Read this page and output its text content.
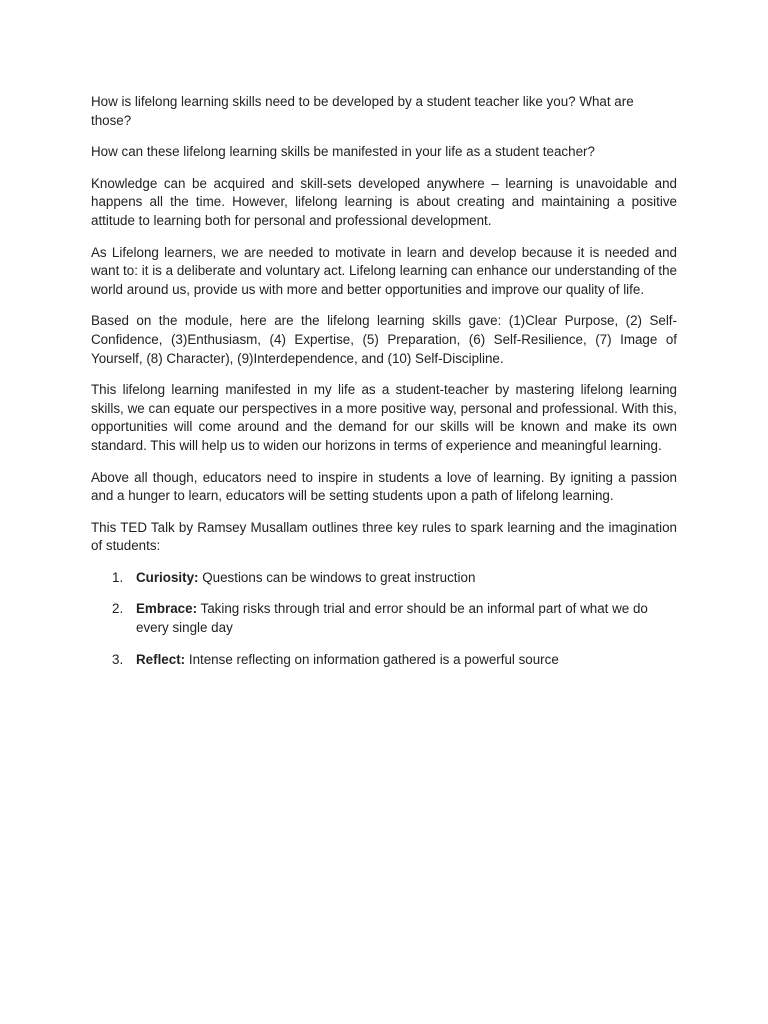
How is lifelong learning skills need to be developed by a student teacher like you? What are those?

How can these lifelong learning skills be manifested in your life as a student teacher?

Knowledge can be acquired and skill-sets developed anywhere – learning is unavoidable and happens all the time. However, lifelong learning is about creating and maintaining a positive attitude to learning both for personal and professional development.

As Lifelong learners, we are needed to motivate in learn and develop because it is needed and want to: it is a deliberate and voluntary act. Lifelong learning can enhance our understanding of the world around us, provide us with more and better opportunities and improve our quality of life.

Based on the module, here are the lifelong learning skills gave: (1)Clear Purpose, (2) Self-Confidence, (3)Enthusiasm, (4) Expertise, (5) Preparation, (6) Self-Resilience, (7) Image of Yourself, (8) Character), (9)Interdependence, and (10) Self-Discipline.

This lifelong learning manifested in my life as a student-teacher by mastering lifelong learning skills, we can equate our perspectives in a more positive way, personal and professional. With this, opportunities will come around and the demand for our skills will be known and make its own standard. This will help us to widen our horizons in terms of experience and meaningful learning.

Above all though, educators need to inspire in students a love of learning. By igniting a passion and a hunger to learn, educators will be setting students upon a path of lifelong learning.

This TED Talk by Ramsey Musallam outlines three key rules to spark learning and the imagination of students:

1. Curiosity: Questions can be windows to great instruction
2. Embrace: Taking risks through trial and error should be an informal part of what we do every single day
3. Reflect: Intense reflecting on information gathered is a powerful source
